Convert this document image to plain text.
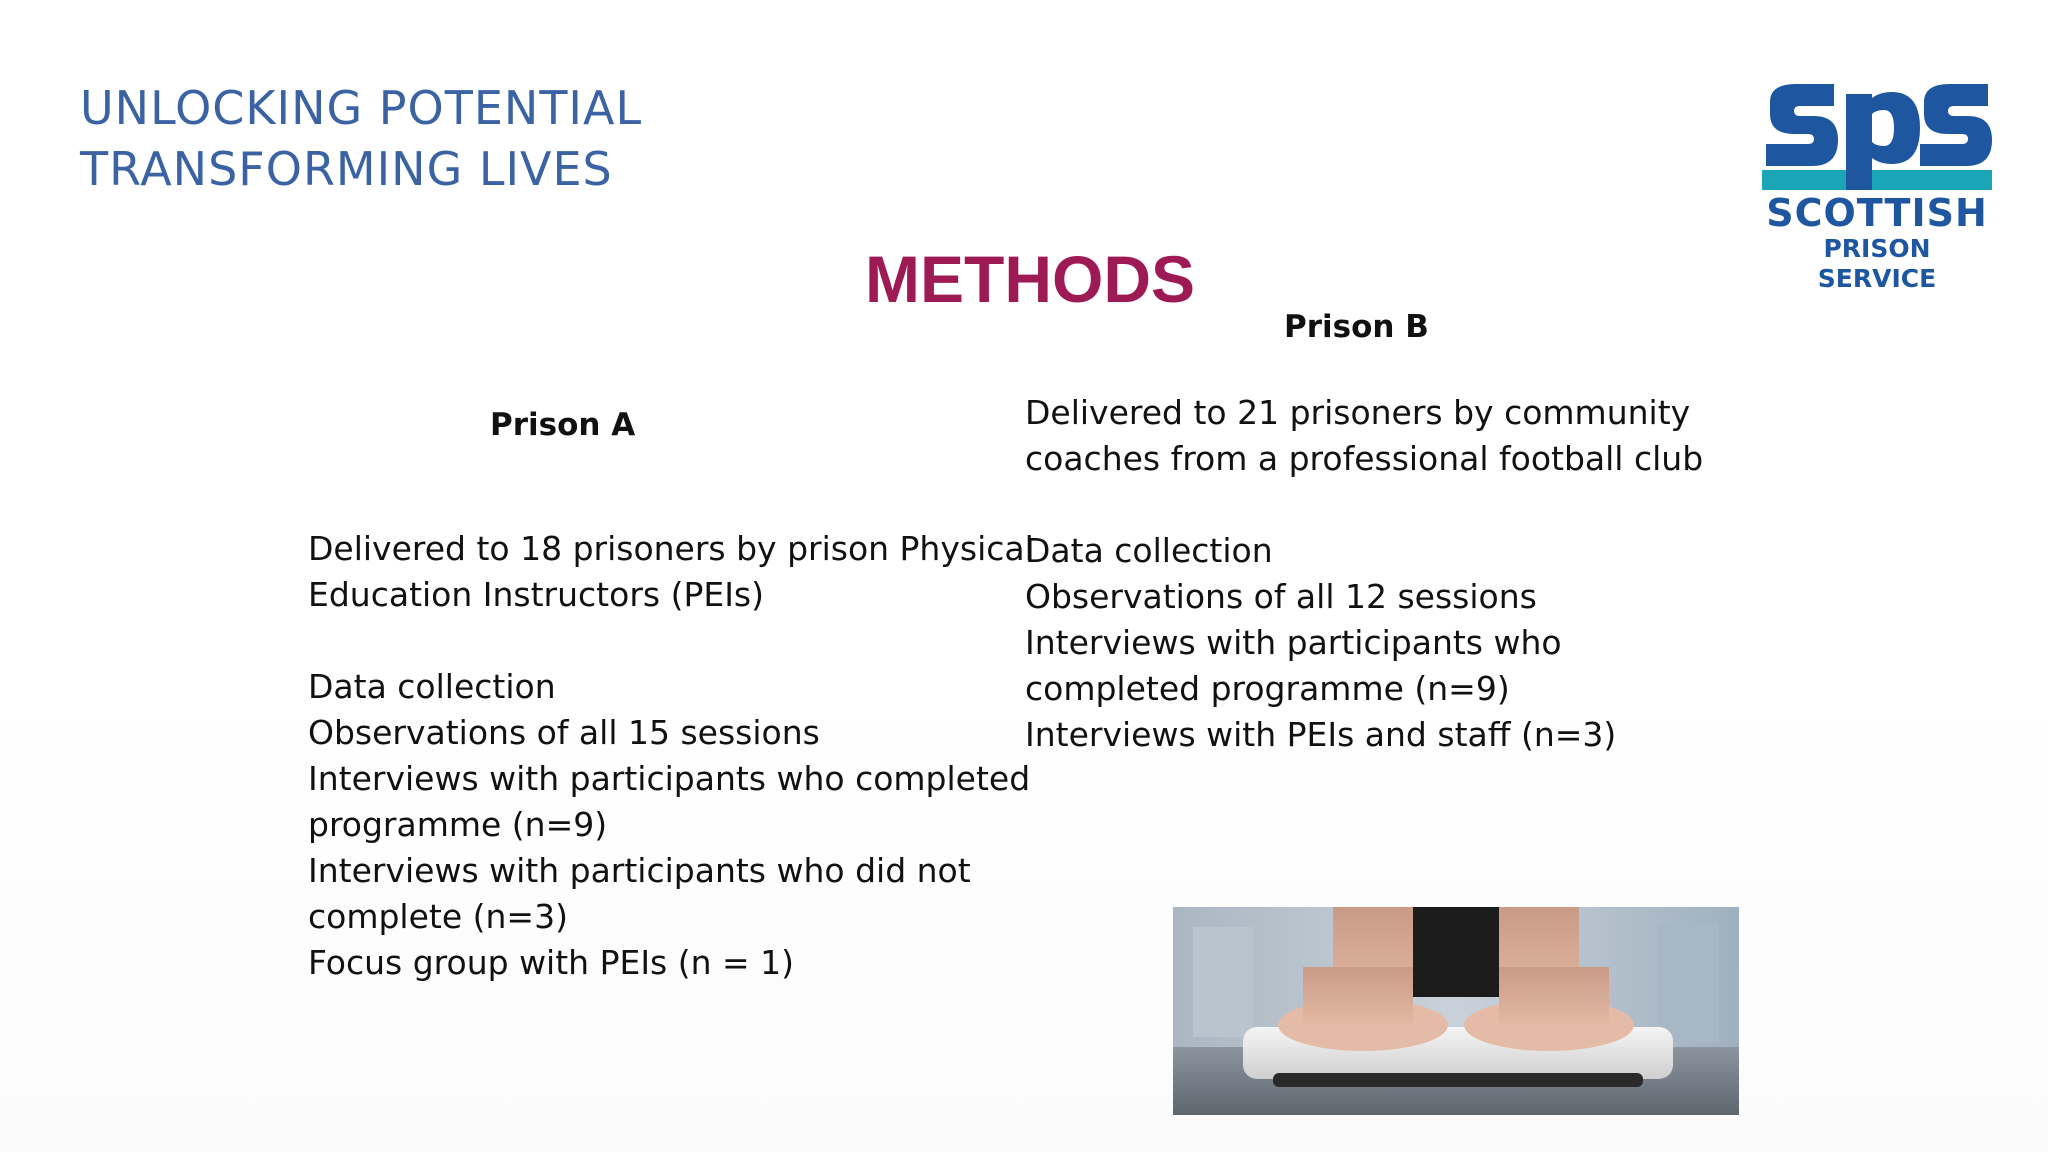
UNLOCKING POTENTIAL
TRANSFORMING LIVES
SCOTTISH
PRISON SERVICE
METHODS
Prison A
Prison B
Delivered to 18 prisoners by prison Physical
Education Instructors (PEIs)
Data collection
Observations of all 15 sessions
Interviews with participants who completed
programme (n=9)
Interviews with participants who did not
complete (n=3)
Focus group with PEIs (n = 1)
Delivered to 21 prisoners by community
coaches from a professional football club
Data collection
Observations of all 12 sessions
Interviews with participants who
completed programme (n=9)
Interviews with PEIs and staff (n=3)
